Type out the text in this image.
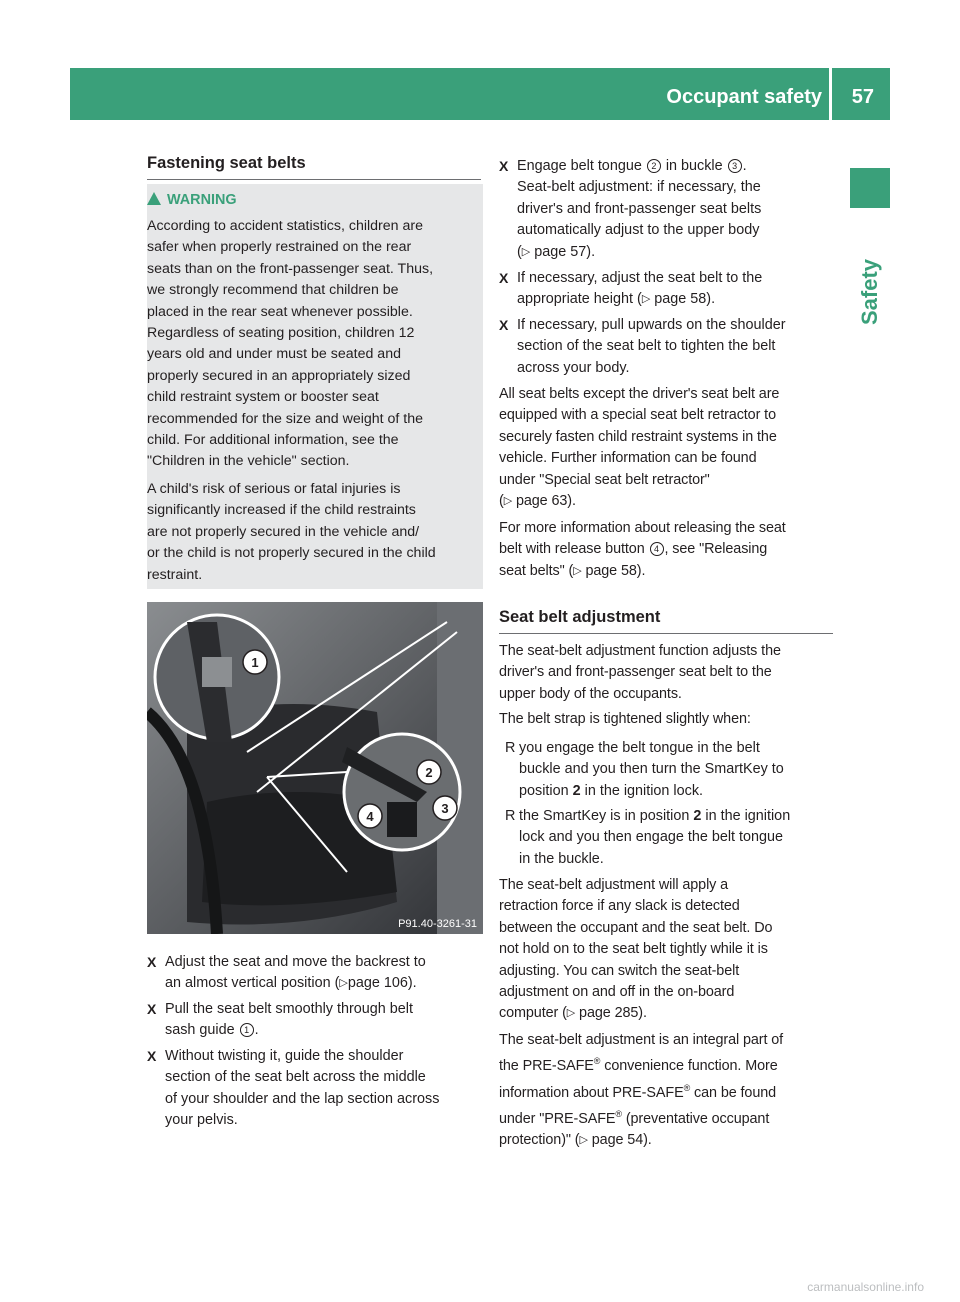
Occupant safety 57
Safety
Fastening seat belts
WARNING
According to accident statistics, children are
safer when properly restrained on the rear
seats than on the front-passenger seat. Thus,
we strongly recommend that children be
placed in the rear seat whenever possible.
Regardless of seating position, children 12
years old and under must be seated and
properly secured in an appropriately sized
child restraint system or booster seat
recommended for the size and weight of the
child. For additional information, see the
"Children in the vehicle" section.
A child's risk of serious or fatal injuries is
significantly increased if the child restraints
are not properly secured in the vehicle and/
or the child is not properly secured in the child
restraint.
1
2
3
4
P91.40-3261-31
X Adjust the seat and move the backrest to
an almost vertical position (▷page 106).
X Pull the seat belt smoothly through belt
sash guide 1 .
X Without twisting it, guide the shoulder
section of the seat belt across the middle
of your shoulder and the lap section across
your pelvis.
X Engage belt tongue 2 in buckle 3 .
Seat-belt adjustment: if necessary, the
driver's and front-passenger seat belts
automatically adjust to the upper body
(▷ page 57).
X If necessary, adjust the seat belt to the
appropriate height (▷ page 58).
X If necessary, pull upwards on the shoulder
section of the seat belt to tighten the belt
across your body.
All seat belts except the driver's seat belt are
equipped with a special seat belt retractor to
securely fasten child restraint systems in the
vehicle. Further information can be found
under "Special seat belt retractor"
(▷ page 63).
For more information about releasing the seat
belt with release button 4 , see "Releasing
seat belts" (▷ page 58).
Seat belt adjustment
The seat-belt adjustment function adjusts the
driver's and front-passenger seat belt to the
upper body of the occupants.
The belt strap is tightened slightly when:
R you engage the belt tongue in the belt
buckle and you then turn the SmartKey to
position 2 in the ignition lock.
R the SmartKey is in position 2 in the ignition
lock and you then engage the belt tongue
in the buckle.
The seat-belt adjustment will apply a
retraction force if any slack is detected
between the occupant and the seat belt. Do
not hold on to the seat belt tightly while it is
adjusting. You can switch the seat-belt
adjustment on and off in the on-board
computer (▷ page 285).
The seat-belt adjustment is an integral part of
the PRE-SAFE® convenience function. More
information about PRE-SAFE® can be found
under "PRE-SAFE® (preventative occupant
protection)" (▷ page 54).
carmanualsonline.info
